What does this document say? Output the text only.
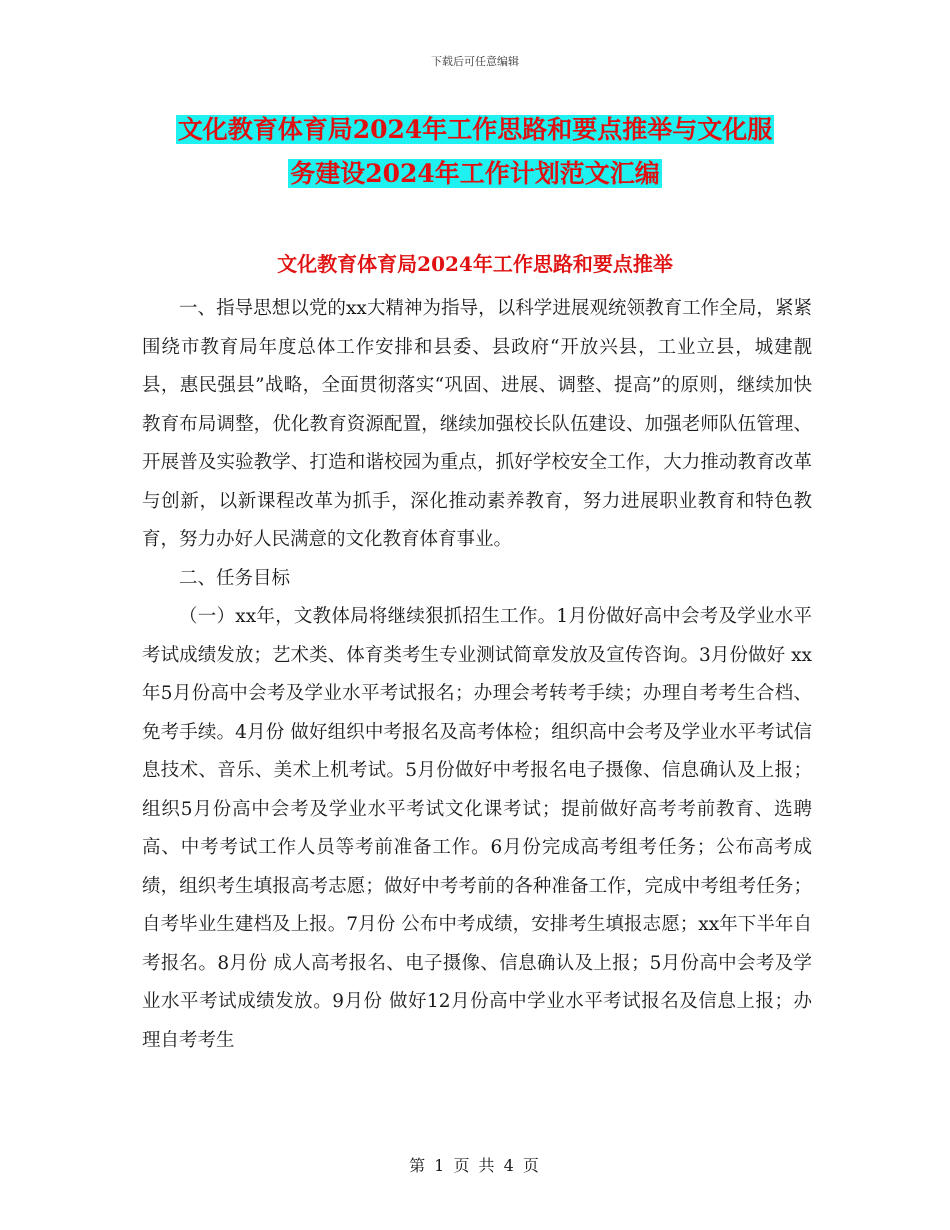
下载后可任意编辑
文化教育体育局2024年工作思路和要点推举与文化服
务建设2024年工作计划范文汇编
文化教育体育局2024年工作思路和要点推举

一、指导思想以党的xx大精神为指导，以科学进展观统领教育工作全局，紧紧围绕市教育局年度总体工作安排和县委、县政府“开放兴县，工业立县，城建靓县，惠民强县”战略，全面贯彻落实“巩固、进展、调整、提高”的原则，继续加快教育布局调整，优化教育资源配置，继续加强校长队伍建设、加强老师队伍管理、开展普及实验教学、打造和谐校园为重点，抓好学校安全工作，大力推动教育改革与创新，以新课程改革为抓手，深化推动素养教育，努力进展职业教育和特色教育，努力办好人民满意的文化教育体育事业。

二、任务目标

（一）xx年，文教体局将继续狠抓招生工作。1月份做好高中会考及学业水平考试成绩发放；艺术类、体育类考生专业测试简章发放及宣传咨询。3月份做好 xx年5月份高中会考及学业水平考试报名；办理会考转考手续；办理自考考生合档、免考手续。4月份 做好组织中考报名及高考体检；组织高中会考及学业水平考试信息技术、音乐、美术上机考试。5月份做好中考报名电子摄像、信息确认及上报；组织5月份高中会考及学业水平考试文化课考试；提前做好高考考前教育、选聘高、中考考试工作人员等考前准备工作。6月份完成高考组考任务；公布高考成绩，组织考生填报高考志愿；做好中考考前的各种准备工作，完成中考组考任务；自考毕业生建档及上报。7月份 公布中考成绩，安排考生填报志愿；xx年下半年自考报名。8月份 成人高考报名、电子摄像、信息确认及上报；5月份高中会考及学业水平考试成绩发放。9月份 做好12月份高中学业水平考试报名及信息上报；办理自考考生

第 1 页 共 4 页
